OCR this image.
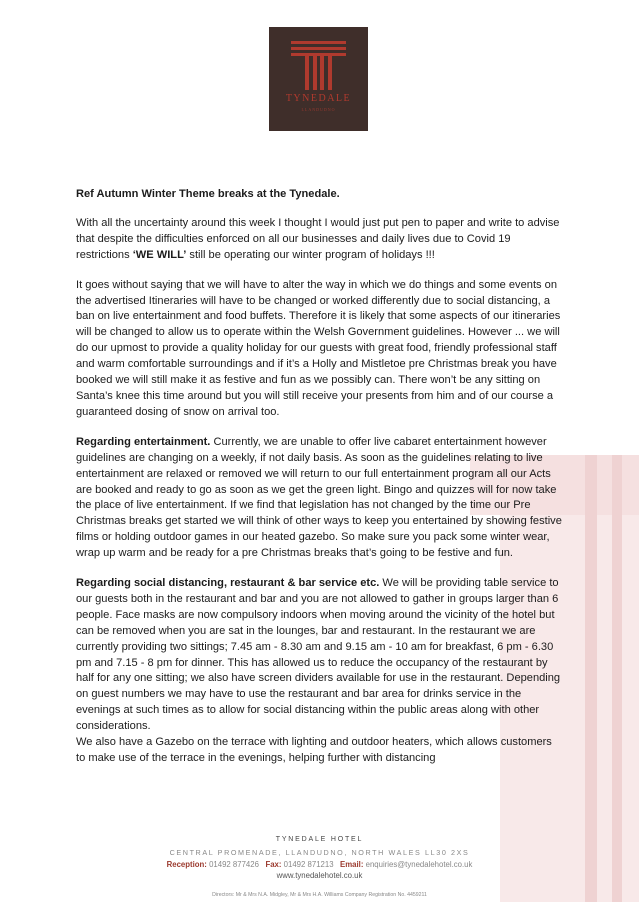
TYNEDALE
LLANDUDNO

Ref Autumn Winter Theme breaks at the Tynedale.

With all the uncertainty around this week I thought I would just put pen to paper and write to advise that despite the difficulties enforced on all our businesses and daily lives due to Covid 19 restrictions ‘WE WILL’ still be operating our winter program of holidays !!!

It goes without saying that we will have to alter the way in which we do things and some events on the advertised Itineraries will have to be changed or worked differently due to social distancing, a ban on live entertainment and food buffets. Therefore it is likely that some aspects of our itineraries will be changed to allow us to operate within the Welsh Government guidelines. However ... we will do our upmost to provide a quality holiday for our guests with great food, friendly professional staff and warm comfortable surroundings and if it’s a Holly and Mistletoe pre Christmas break you have booked we will still make it as festive and fun as we possibly can. There won’t be any sitting on Santa’s knee this time around but you will still receive your presents from him and of our course a guaranteed dosing of snow on arrival too.

Regarding entertainment. Currently, we are unable to offer live cabaret entertainment however guidelines are changing on a weekly, if not daily basis. As soon as the guidelines relating to live entertainment are relaxed or removed we will return to our full entertainment program all our Acts are booked and ready to go as soon as we get the green light. Bingo and quizzes will for now take the place of live entertainment. If we find that legislation has not changed by the time our Pre Christmas breaks get started we will think of other ways to keep you entertained by showing festive films or holding outdoor games in our heated gazebo. So make sure you pack some winter wear, wrap up warm and be ready for a pre Christmas breaks that’s going to be festive and fun.

Regarding social distancing, restaurant & bar service etc. We will be providing table service to our guests both in the restaurant and bar and you are not allowed to gather in groups larger than 6 people. Face masks are now compulsory indoors when moving around the vicinity of the hotel but can be removed when you are sat in the lounges, bar and restaurant. In the restaurant we are currently providing two sittings; 7.45 am - 8.30 am and 9.15 am - 10 am for breakfast, 6 pm - 6.30 pm and 7.15 - 8 pm for dinner. This has allowed us to reduce the occupancy of the restaurant by half for any one sitting; we also have screen dividers available for use in the restaurant. Depending on guest numbers we may have to use the restaurant and bar area for drinks service in the evenings at such times as to allow for social distancing within the public areas along with other considerations.

We also have a Gazebo on the terrace with lighting and outdoor heaters, which allows customers to make use of the terrace in the evenings, helping further with distancing

TYNEDALE HOTEL
CENTRAL PROMENADE, LLANDUDNO, NORTH WALES LL30 2XS
Reception: 01492 877426 Fax: 01492 871213 Email: enquiries@tynedalehotel.co.uk
www.tynedalehotel.co.uk
Directors: Mr & Mrs N.A. Midgley, Mr & Mrs H.A. Williams Company Registration No. 4459211
